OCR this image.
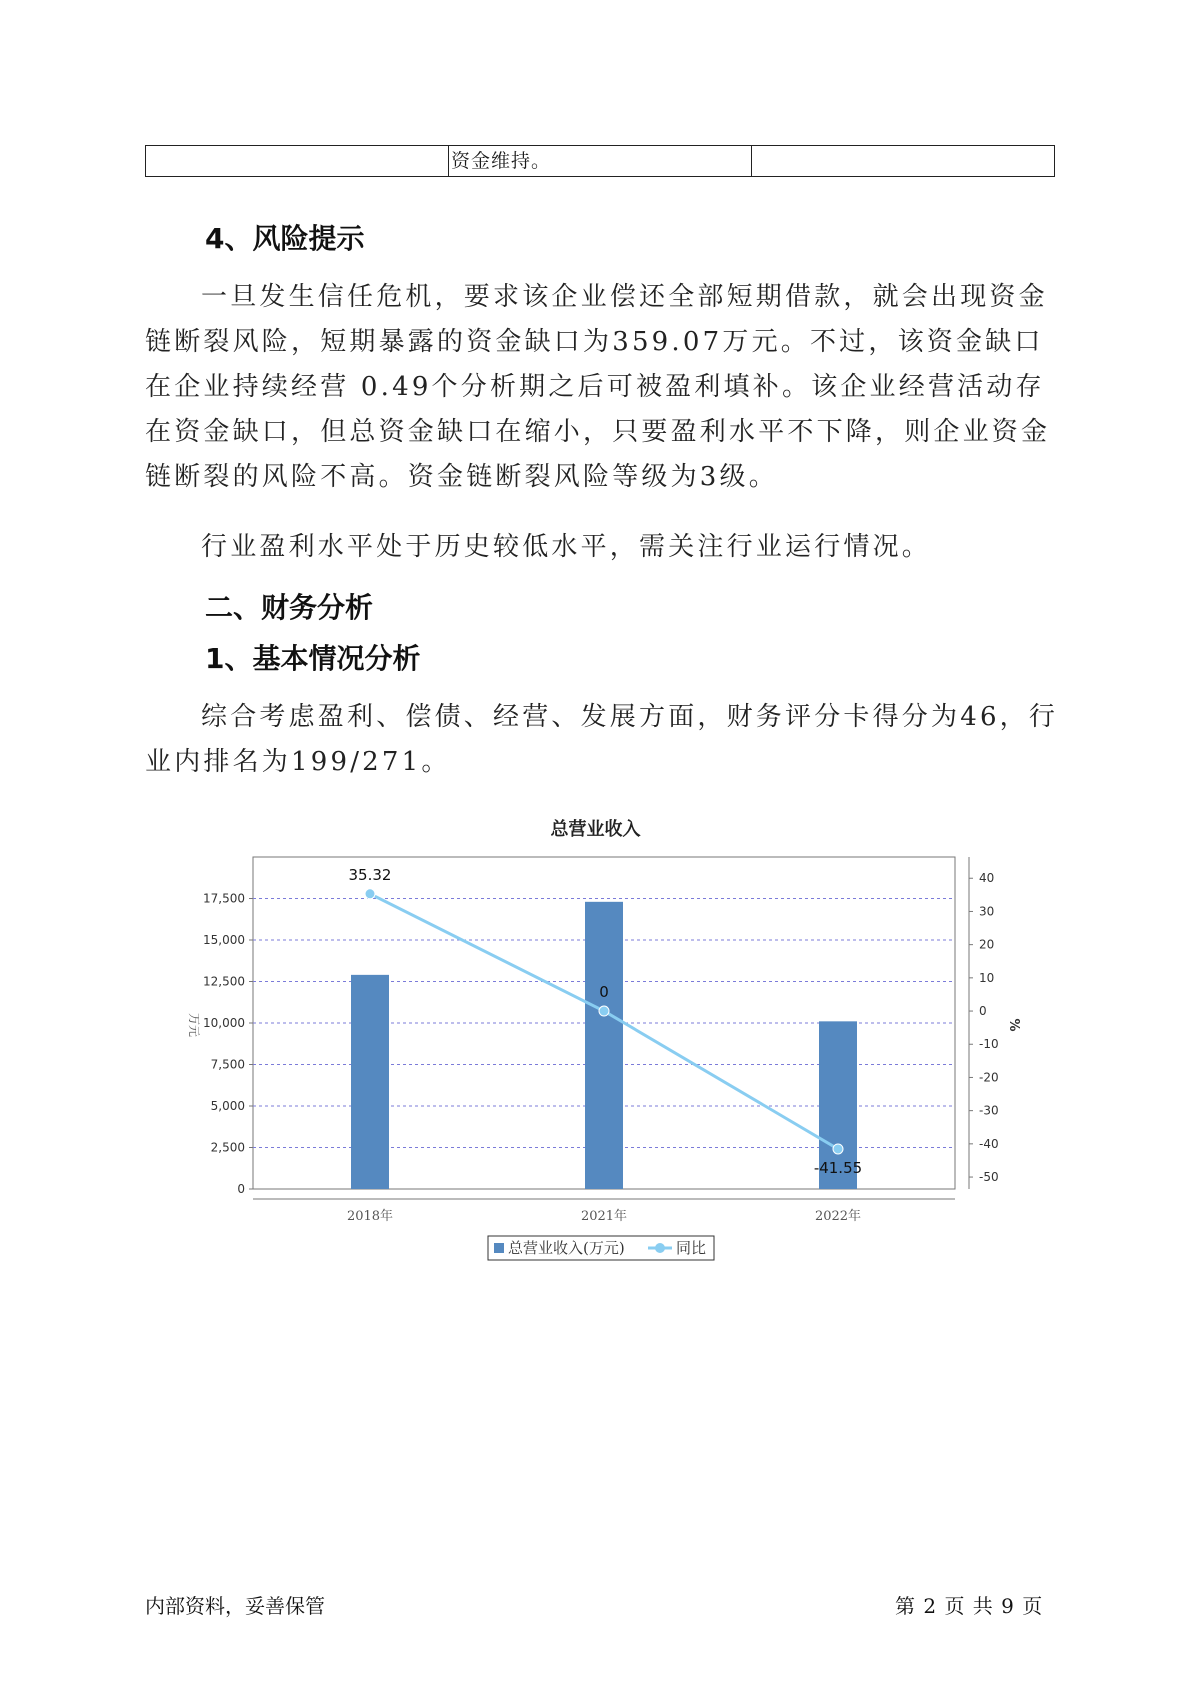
资金维持。
4、风险提示

一旦发生信任危机，要求该企业偿还全部短期借款，就会出现资金链断裂风险，短期暴露的资金缺口为359.07万元。不过，该资金缺口在企业持续经营 0.49个分析期之后可被盈利填补。该企业经营活动存在资金缺口，但总资金缺口在缩小，只要盈利水平不下降，则企业资金链断裂的风险不高。资金链断裂风险等级为3级。

行业盈利水平处于历史较低水平，需关注行业运行情况。

二、财务分析
1、基本情况分析

综合考虑盈利、偿债、经营、发展方面，财务评分卡得分为46，行业内排名为199/271。

总营业收入
0
2,500
5,000
7,500
10,000
12,500
15,000
17,500
40
30
20
10
0
-10
-20
-30
-40
-50
万元	%
2018年	2021年	2022年
35.32
0
-41.55
总营业收入(万元)	同比
内部资料，妥善保管	第 2 页 共 9 页
